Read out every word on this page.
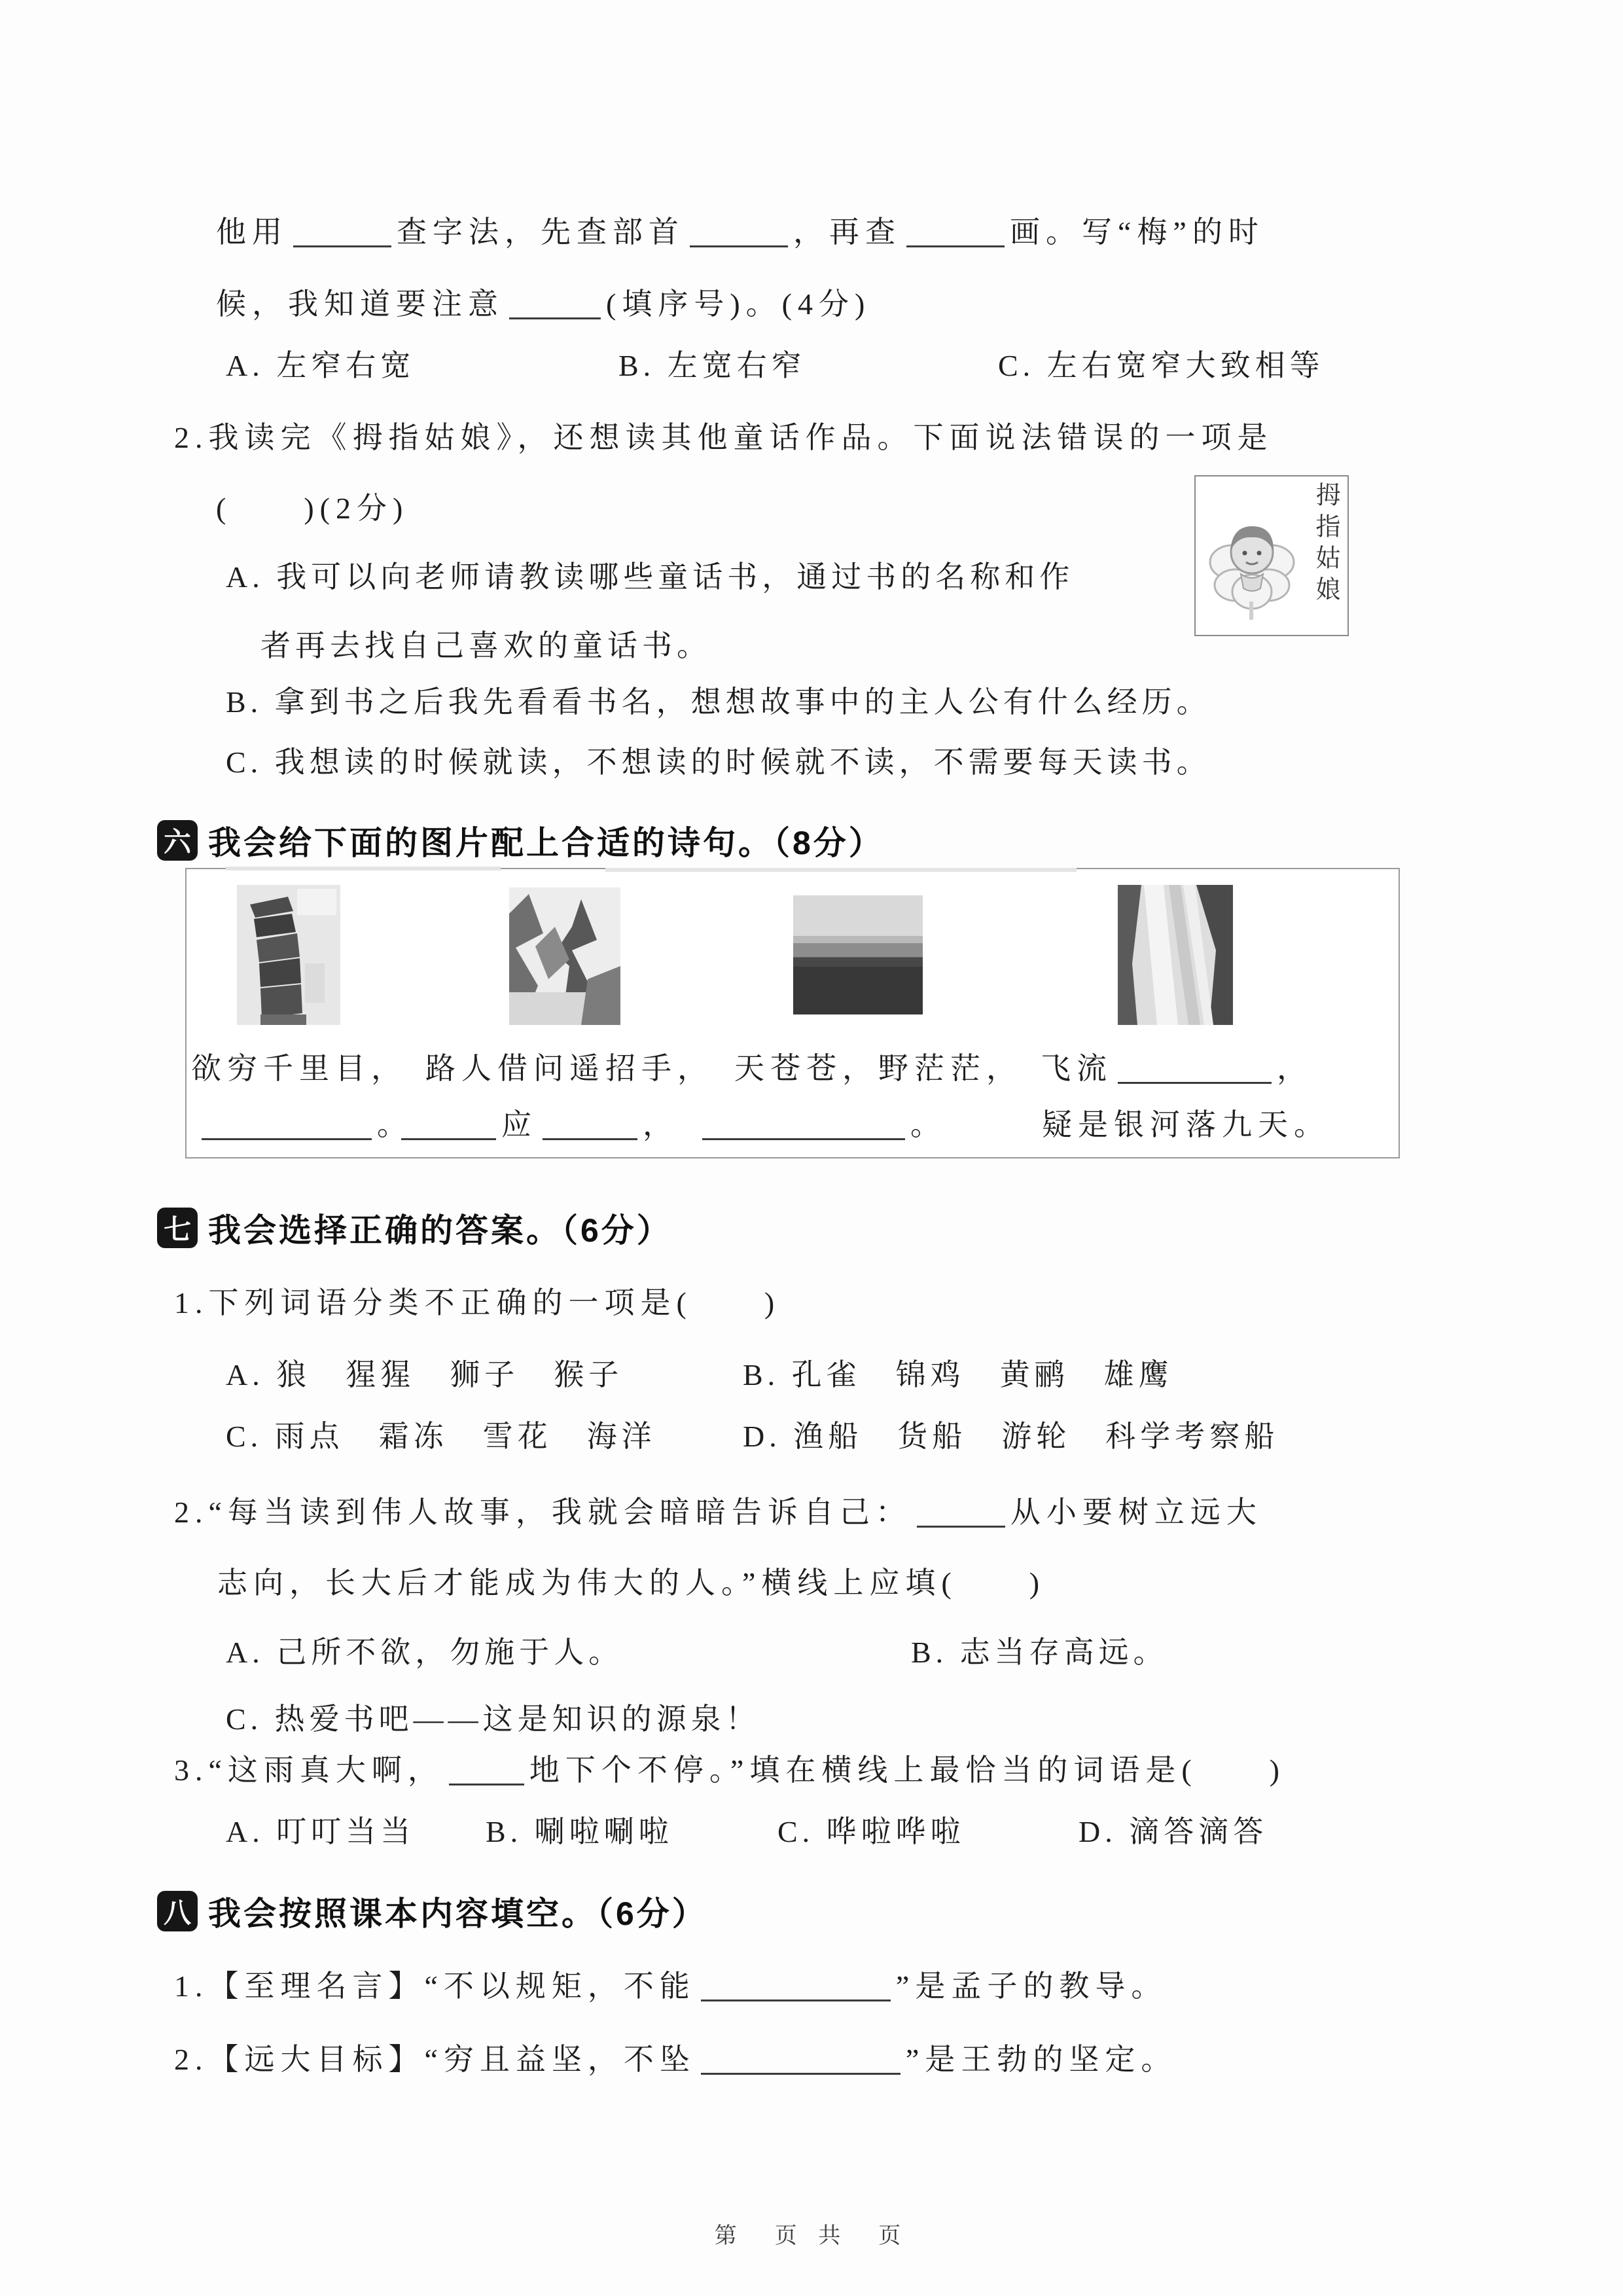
他用	查字法，先查部首	，再查	画。写“梅”的时
候，我知道要注意	(填序号)。(4分)
A. 左窄右宽	B. 左宽右窄	C. 左右宽窄大致相等
2.我读完《拇指姑娘》，还想读其他童话作品。下面说法错误的一项是
(　　)(2分)	拇指姑娘
A. 我可以向老师请教读哪些童话书，通过书的名称和作
者再去找自己喜欢的童话书。
B. 拿到书之后我先看看书名，想想故事中的主人公有什么经历。
C. 我想读的时候就读，不想读的时候就不读，不需要每天读书。
六 我会给下面的图片配上合适的诗句。（8分）
欲穷千里目， 路人借问遥招手， 天苍苍，野茫茫， 飞流	，
。	应	，	。	疑是银河落九天。
七 我会选择正确的答案。（6分）
1.下列词语分类不正确的一项是(　　)
A. 狼　猩猩　狮子　猴子	B. 孔雀　锦鸡　黄鹂　雄鹰
C. 雨点　霜冻　雪花　海洋	D. 渔船　货船　游轮　科学考察船
2.“每当读到伟人故事，我就会暗暗告诉自己：	从小要树立远大
志向，长大后才能成为伟大的人。”横线上应填(　　)
A. 己所不欲，勿施于人。	B. 志当存高远。
C. 热爱书吧——这是知识的源泉！
3.“这雨真大啊，	地下个不停。”填在横线上最恰当的词语是(　　)
A. 叮叮当当 B. 唰啦唰啦	C. 哗啦哗啦	D. 滴答滴答
八 我会按照课本内容填空。（6分）
1.【至理名言】“不以规矩，不能	”是孟子的教导。
2.【远大目标】“穷且益坚，不坠	”是王勃的坚定。
第　页 共　页
